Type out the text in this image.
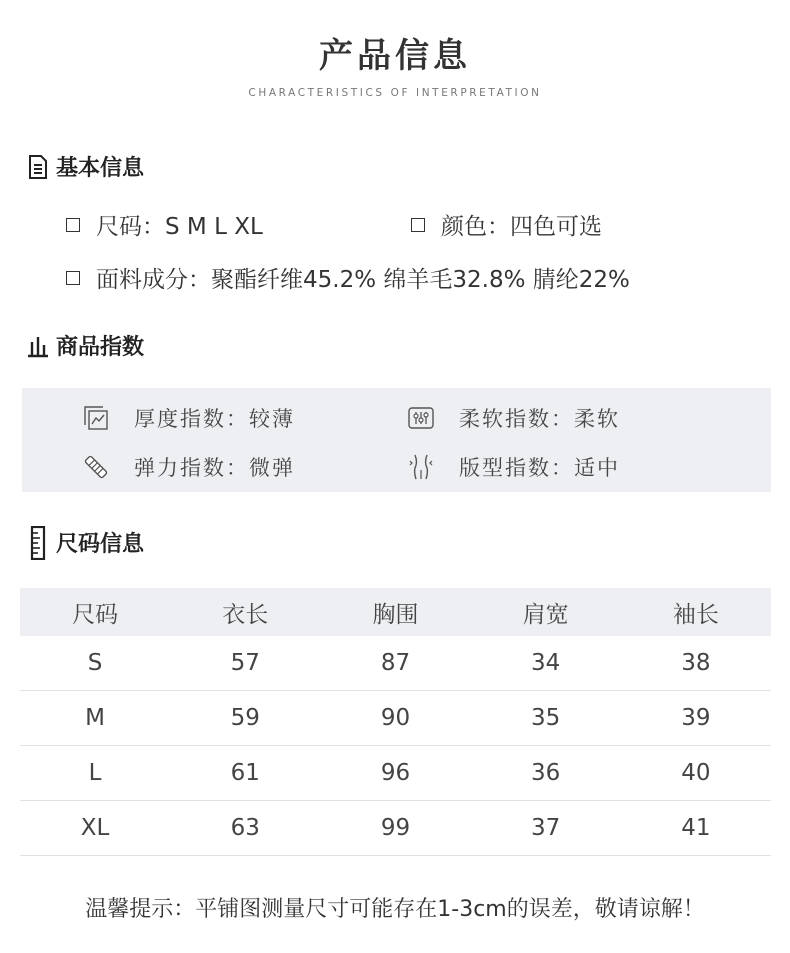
产品信息
CHARACTERISTICS OF INTERPRETATION
基本信息
尺码：S M L XL	颜色：四色可选
面料成分：聚酯纤维45.2% 绵羊毛32.8% 腈纶22%
商品指数
厚度指数：较薄	柔软指数：柔软
弹力指数：微弹	版型指数：适中
尺码信息
尺码	衣长	胸围	肩宽	袖长
S	57	87	34	38
M	59	90	35	39
L	61	96	36	40
XL	63	99	37	41
温馨提示：平铺图测量尺寸可能存在1-3cm的误差，敬请谅解！
